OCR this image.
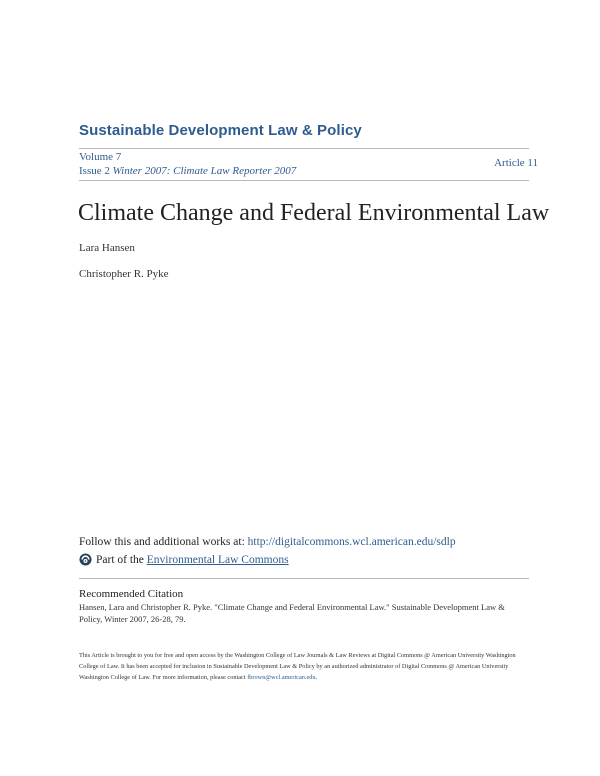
Sustainable Development Law & Policy
Volume 7
Issue 2 Winter 2007: Climate Law Reporter 2007
Article 11
Climate Change and Federal Environmental Law
Lara Hansen
Christopher R. Pyke
Follow this and additional works at: http://digitalcommons.wcl.american.edu/sdlp
Part of the
Environmental Law Commons
Recommended Citation
Hansen, Lara and Christopher R. Pyke. "Climate Change and Federal Environmental Law." Sustainable Development Law & Policy, Winter 2007, 26-28, 79.
This Article is brought to you for free and open access by the Washington College of Law Journals & Law Reviews at Digital Commons @ American University Washington College of Law. It has been accepted for inclusion in Sustainable Development Law & Policy by an authorized administrator of Digital Commons @ American University Washington College of Law. For more information, please contact fbrown@wcl.american.edu.
